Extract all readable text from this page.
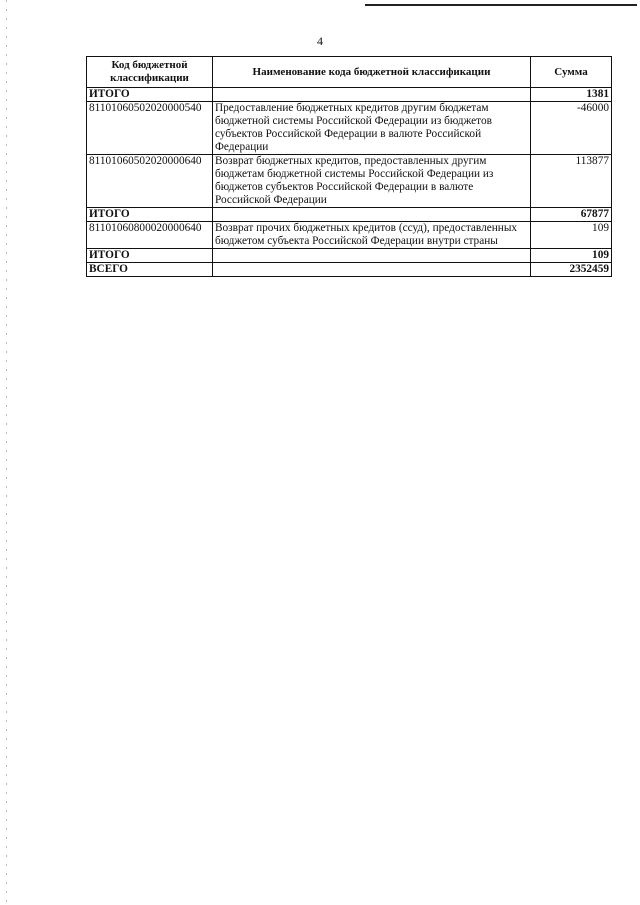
4
Код бюджетной классификации	Наименование кода бюджетной классификации	Сумма
ИТОГО		1381
81101060502020000540	Предоставление бюджетных кредитов другим бюджетам бюджетной системы Российской Федерации из бюджетов субъектов Российской Федерации в валюте Российской Федерации	-46000
81101060502020000640	Возврат бюджетных кредитов, предоставленных другим бюджетам бюджетной системы Российской Федерации из бюджетов субъектов Российской Федерации в валюте Российской Федерации	113877
ИТОГО		67877
81101060800020000640	Возврат прочих бюджетных кредитов (ссуд), предоставленных бюджетом субъекта Российской Федерации внутри страны	109
ИТОГО		109
ВСЕГО		2352459
